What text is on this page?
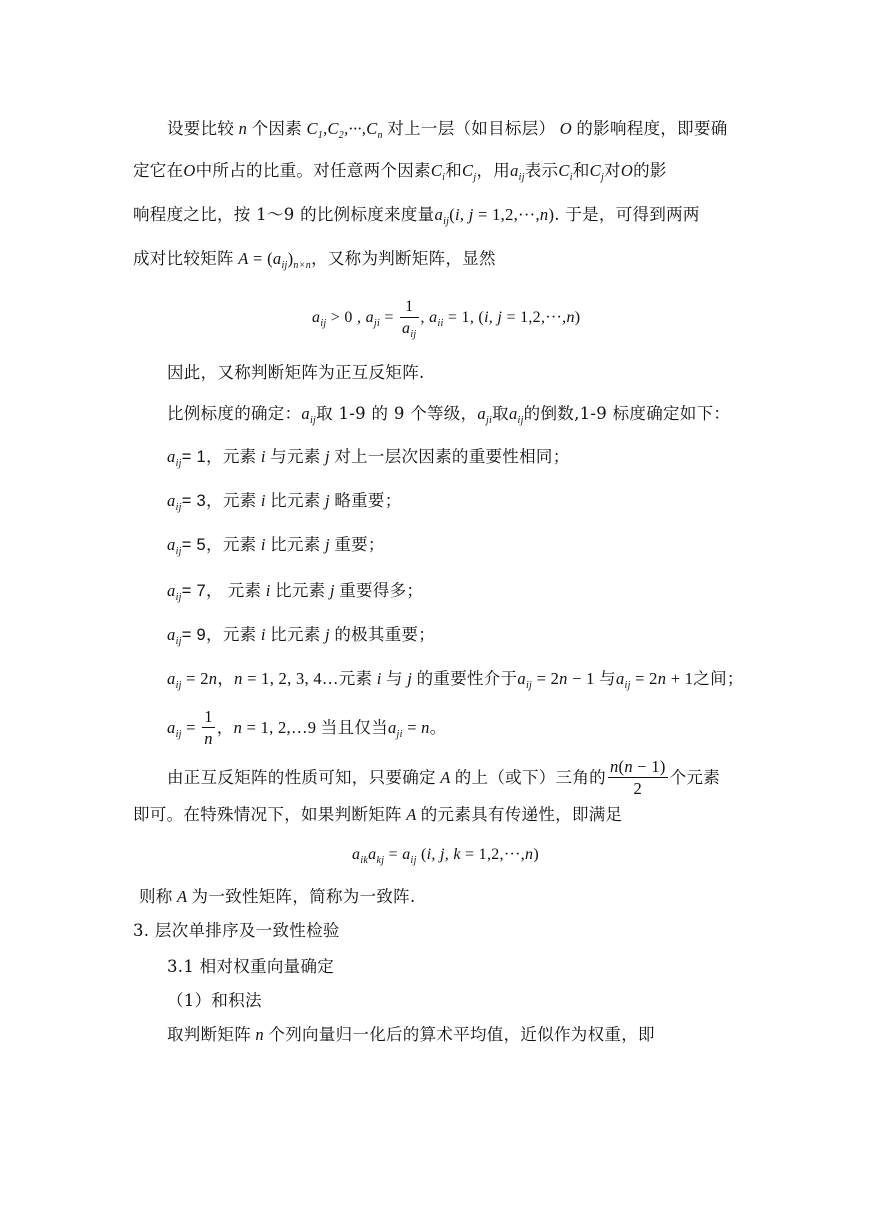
设要比较 n 个因素 $C_1,C_2,\cdot\cdot\cdot,C_n$ 对上一层（如目标层） O 的影响程度，即要确
定它在O中所占的比重。对任意两个因素$C_i$和$C_j$，用$a_{ij}$表示$C_i$和$C_j$对O的影
响程度之比，按 1～9 的比例标度来度量$a_{ij}(i$, j = 1,2,···,n). 于是，可得到两两
成对比较矩阵 $A = (a_{ij})_{n\times n}$，又称为判断矩阵，显然
$a_{ij} > 0$ , $a_{ji} = \frac{1}{a_{ij}}$ , $a_{ii} = 1$, (i, j = 1,2,···,n)
因此，又称判断矩阵为正互反矩阵.
比例标度的确定：$a_{ij}$取 1-9 的 9 个等级，$a_{ji}$取$a_{ij}$的倒数,1-9 标度确定如下：
$a_{ij}= 1$，元素 i 与元素 j 对上一层次因素的重要性相同；
$a_{ij}= 3$，元素 i 比元素 j 略重要；
$a_{ij}= 5$，元素 i 比元素 j 重要；
$a_{ij}= 7$， 元素 i 比元素 j 重要得多；
$a_{ij}= 9$，元素 i 比元素 j 的极其重要；
$a_{ij} = 2n$，n = 1, 2, 3, 4…元素 i 与 j 的重要性介于$a_{ij} = 2n - 1$ 与$a_{ij} = 2n + 1$之间；
$a_{ij} = \frac{1}{n}$ ，n = 1, 2,…9 当且仅当$a_{ji} = n$。
由正互反矩阵的性质可知，只要确定 A 的上（或下）三角的 $\frac{n(n - 1)}{2}$ 个元素
即可。在特殊情况下，如果判断矩阵 A 的元素具有传递性，即满足
$a_{ik}a_{kj} = a_{ij}$ (i, j, k = 1,2,···,n)
则称 A 为一致性矩阵，简称为一致阵.
3. 层次单排序及一致性检验
3.1 相对权重向量确定
（1）和积法
取判断矩阵 n 个列向量归一化后的算术平均值，近似作为权重，即
